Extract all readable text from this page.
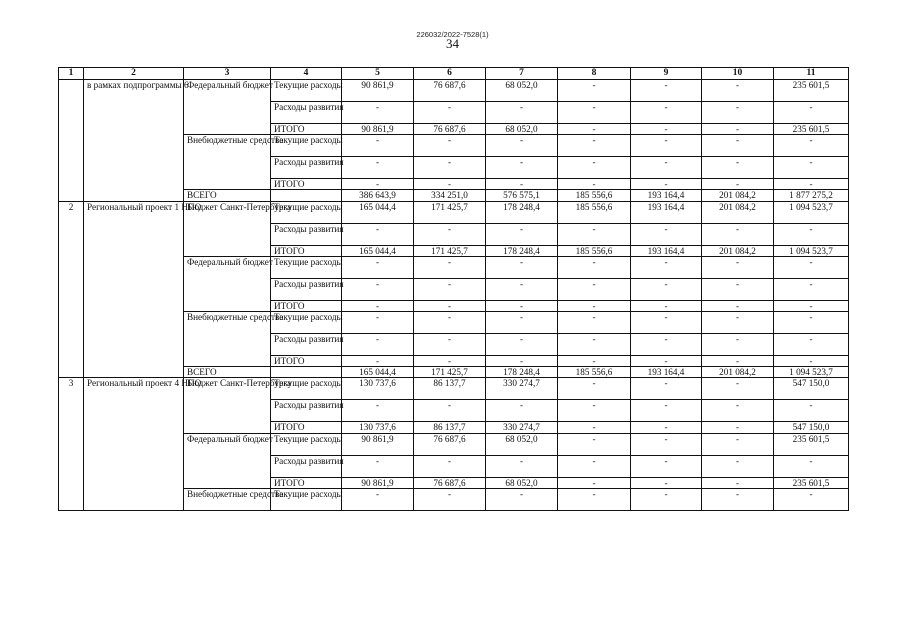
226032/2022-7528(1)
34
1	2	3	4	5	6	7	8	9	10	11
	в рамках подпрограммы 6	Федеральный бюджет	Текущие расходы	90 861,9	76 687,6	68 052,0	-	-	-	235 601,5
			Расходы развития	-	-	-	-	-	-	-
			ИТОГО	90 861,9	76 687,6	68 052,0	-	-	-	235 601,5
		Внебюджетные средства	Текущие расходы	-	-	-	-	-	-	-
			Расходы развития	-	-	-	-	-	-	-
			ИТОГО	-	-	-	-	-	-	-
		ВСЕГО		386 643,9	334 251,0	576 575,1	185 556,6	193 164,4	201 084,2	1 877 275,2
2	Региональный проект 1 НПО	Бюджет Санкт-Петербурга	Текущие расходы	165 044,4	171 425,7	178 248,4	185 556,6	193 164,4	201 084,2	1 094 523,7
			Расходы развития	-	-	-	-	-	-	-
			ИТОГО	165 044,4	171 425,7	178 248,4	185 556,6	193 164,4	201 084,2	1 094 523,7
		Федеральный бюджет	Текущие расходы	-	-	-	-	-	-	-
			Расходы развития	-	-	-	-	-	-	-
			ИТОГО	-	-	-	-	-	-	-
		Внебюджетные средства	Текущие расходы	-	-	-	-	-	-	-
			Расходы развития	-	-	-	-	-	-	-
			ИТОГО	-	-	-	-	-	-	-
		ВСЕГО		165 044,4	171 425,7	178 248,4	185 556,6	193 164,4	201 084,2	1 094 523,7
3	Региональный проект 4 НПО	Бюджет Санкт-Петербурга	Текущие расходы	130 737,6	86 137,7	330 274,7	-	-	-	547 150,0
			Расходы развития	-	-	-	-	-	-	-
			ИТОГО	130 737,6	86 137,7	330 274,7	-	-	-	547 150,0
		Федеральный бюджет	Текущие расходы	90 861,9	76 687,6	68 052,0	-	-	-	235 601,5
			Расходы развития	-	-	-	-	-	-	-
			ИТОГО	90 861,9	76 687,6	68 052,0	-	-	-	235 601,5
		Внебюджетные средства	Текущие расходы	-	-	-	-	-	-	-
